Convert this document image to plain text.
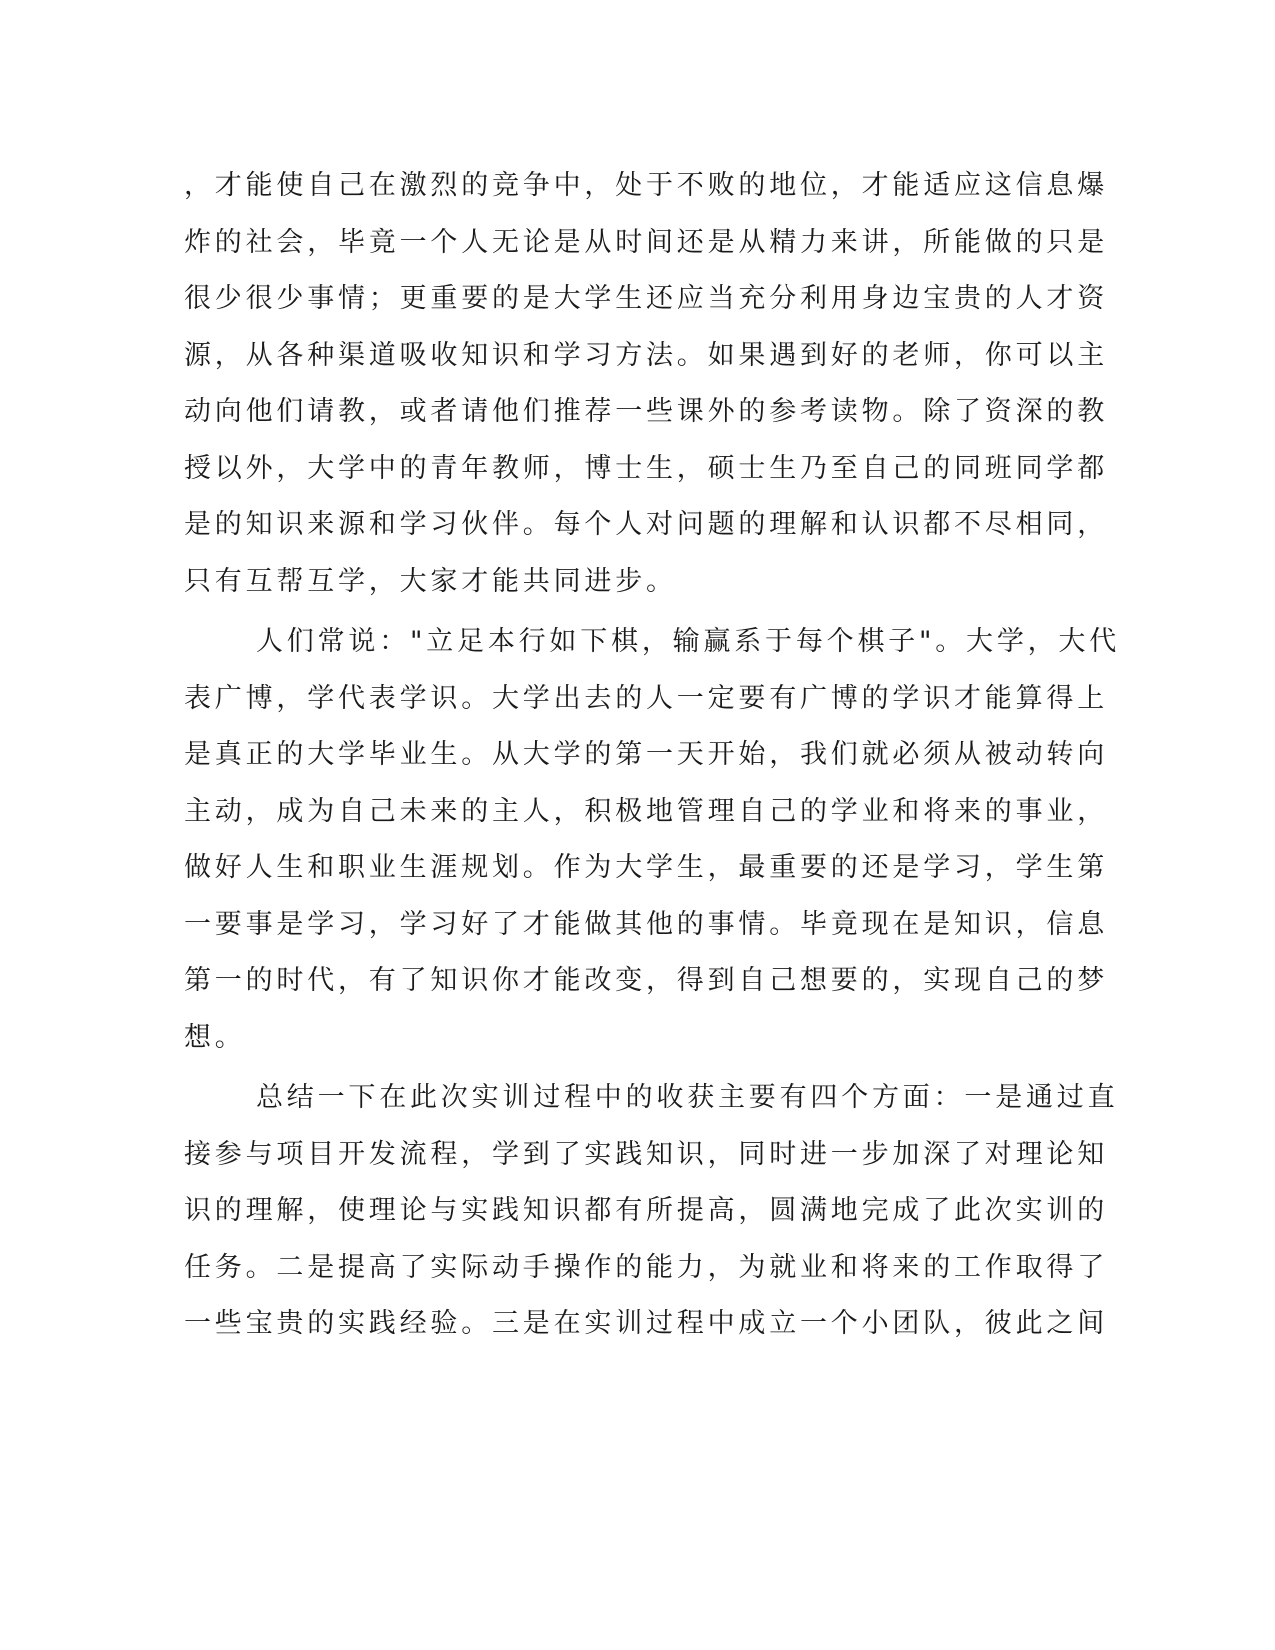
，才能使自己在激烈的竞争中，处于不败的地位，才能适应这信息爆
炸的社会，毕竟一个人无论是从时间还是从精力来讲，所能做的只是
很少很少事情；更重要的是大学生还应当充分利用身边宝贵的人才资
源，从各种渠道吸收知识和学习方法。如果遇到好的老师，你可以主
动向他们请教，或者请他们推荐一些课外的参考读物。除了资深的教
授以外，大学中的青年教师，博士生，硕士生乃至自己的同班同学都
是的知识来源和学习伙伴。每个人对问题的理解和认识都不尽相同，
只有互帮互学，大家才能共同进步。
人们常说："立足本行如下棋，输赢系于每个棋子"。大学，大代
表广博，学代表学识。大学出去的人一定要有广博的学识才能算得上
是真正的大学毕业生。从大学的第一天开始，我们就必须从被动转向
主动，成为自己未来的主人，积极地管理自己的学业和将来的事业，
做好人生和职业生涯规划。作为大学生，最重要的还是学习，学生第
一要事是学习，学习好了才能做其他的事情。毕竟现在是知识，信息
第一的时代，有了知识你才能改变，得到自己想要的，实现自己的梦
想。
总结一下在此次实训过程中的收获主要有四个方面：一是通过直
接参与项目开发流程，学到了实践知识，同时进一步加深了对理论知
识的理解，使理论与实践知识都有所提高，圆满地完成了此次实训的
任务。二是提高了实际动手操作的能力，为就业和将来的工作取得了
一些宝贵的实践经验。三是在实训过程中成立一个小团队，彼此之间
